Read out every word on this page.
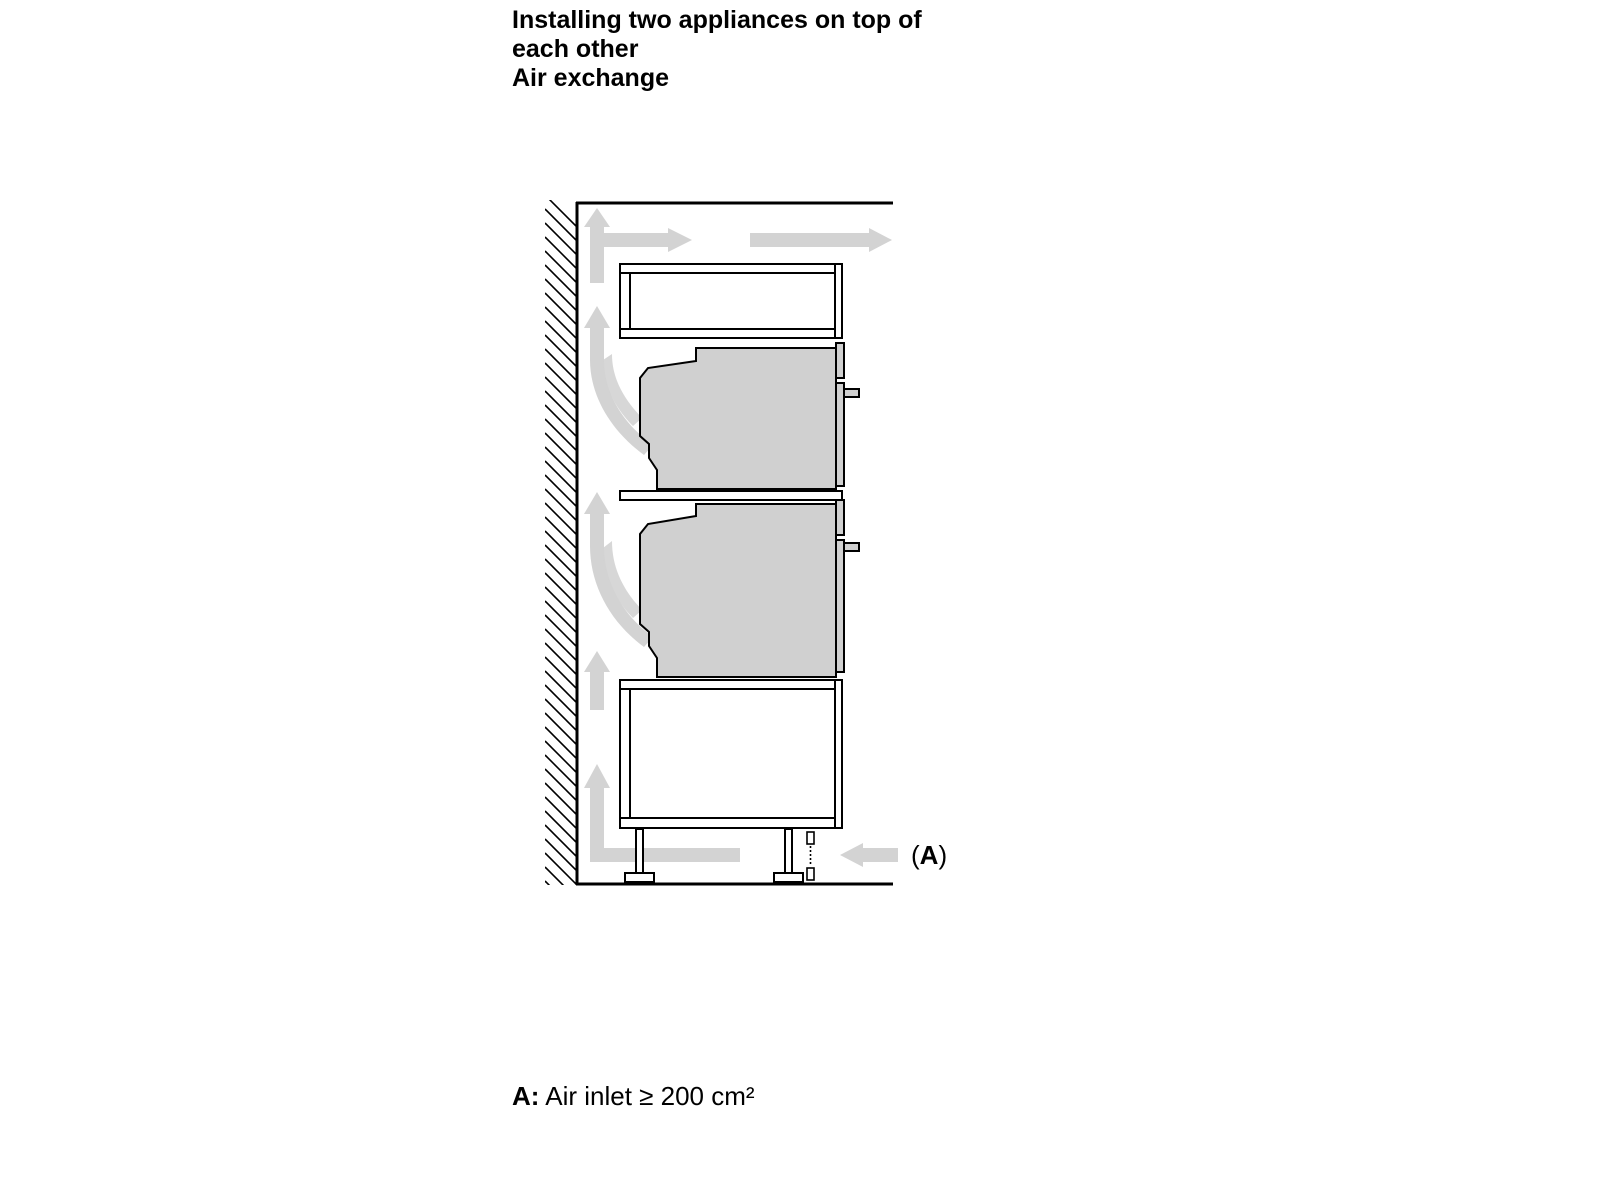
Installing two appliances on top of
each other
Air exchange
(A)

A: Air inlet ≥ 200 cm²
